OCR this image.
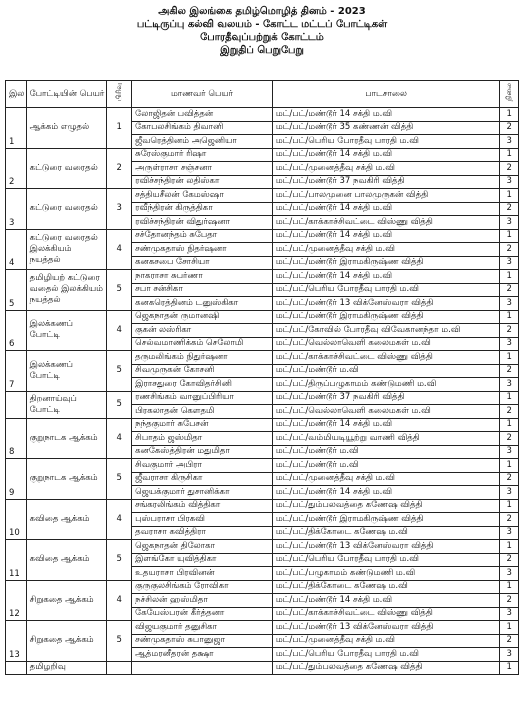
அகில இலங்கை தமிழ்மொழித் தினம் - 2023
பட்டிருப்பு கல்வி வலயம் - கோட்ட மட்டப் போட்டிகள்
போரதீவுப்பற்றுக் கோட்டம்
இறுதிப் பெறுபேறு
இல	போட்டியின் பெயர்	பிரிவு	மாணவர் பெயர்	பாடசாலை	நிலை
1	ஆக்கம் எழுதல்	1	லோஜிதன் பவித்தன்	மட்/பட்/மண்டூர் 14 சக்தி ம.வி	1
			கோபலசிங்கம் திவானி	மட்/பட்/மண்டூர் 35 கண்ணன் வித்தி	2
			ஜீவரெத்தினம் அஜெனியா	மட்/பட்/பெரிய போரதீவு பாரதி ம.வி	3
2	கட்டுரை வரைதல்	2	சுரேஸ்குமார் ரிஷா	மட்/பட்/மண்டூர் 14 சக்தி ம.வி	1
			அருள்ராசா சஞ்சனா	மட்/பட்/முனைத்தீவு சக்தி ம.வி	2
			ரவிச்சந்திரன் லதிஸ்கா	மட்/பட்/மண்டூர் 37 நவகிரி வித்தி	3
3	கட்டுரை வரைதல்	3	சத்தியசீலன் கேமஸ்ஷா	மட்/பட்/பாலமுனை பாலமுருகன் வித்தி	1
			ரவீந்திரன் கிருத்திகா	மட்/பட்/மண்டூர் 14 சக்தி ம.வி	2
			ரவிச்சந்திரன் விதுர்ஷனா	மட்/பட்/காக்காச்சிவட்டை விஸ்ணு வித்தி	3
4	கட்டுரை வரைதல் இலக்கியம் நயத்தல்	4	சச்தோனந்தம் சுபேதா	மட்/பட்/மண்டூர் 14 சக்தி ம.வி	1
			சண்முகதாஸ் நிதர்ஷனா	மட்/பட்/முனைத்தீவு சக்தி ம.வி	2
			கனகசபை சோசியா	மட்/பட்/மண்டூர் இராமகிருஷ்ண வித்தி	3
5	தமிழியற் கட்டுரை வதைல் இலக்கியம் நயத்தல்	5	நாகராசா சுபர்ணா	மட்/பட்/மண்டூர் 14 சக்தி ம.வி	1
			சபா சன்சிகா	மட்/பட்/பெரிய போரதீவு பாரதி ம.வி	2
			கனகரெத்தினம் டனுஸ்கிகா	மட்/பட்/மண்டூர் 13 விக்னேஸ்வரா வித்தி	3
6	இலக்கணப் போட்டி	4	ஜெகநாதன் ருமானஷி	மட்/பட்/மண்டூர் இராமகிருஷ்ண வித்தி	1
			குகன் லஸ்ரிகா	மட்/பட்/கோவில் போரதீவு விவேகானந்தா ம.வி	2
			செல்வமாணிக்கம் செலோமி	மட்/பட்/வெல்லாவெளி கலைமகள் ம.வி	3
7	இலக்கணப் போட்டி	5	தருமலிங்கம் நிதுர்ஷனா	மட்/பட்/காக்காச்சிவட்டை விஸ்ணு வித்தி	1
			சிவமுருகன் கோசனி	மட்/பட்/மண்டூர் ம.வி	2
			இராசதுரை கோவிதர்சினி	மட்/பட்/திருப்பழுகாமம் கண்டுமணி ம.வி	3
	திறனாய்வுப் போட்டி	5	ரணசிங்கம் வானுப்பிரியா	மட்/பட்/மண்டூர் 37 நவகிரி வித்தி	1
			பிரகலாதன் கௌதமி	மட்/பட்/வெல்லாவெளி கலைமகள் ம.வி	2
8	குறுநாடக ஆக்கம்	4	நந்தகுமார் சுபேசன்	மட்/பட்/மண்டூர் 14 சக்தி ம.வி	1
			சிபாதம் ஜஸ்மிதா	மட்/பட்/வம்மியடியூற்று வாணி வித்தி	2
			கனகேஸ்த்திரன் மதுமிதா	மட்/பட்/மண்டூர் ம.வி	3
9	குறுநாடக ஆக்கம்	5	சிவகுமார் அபிரா	மட்/பட்/மண்டூர் ம.வி	1
			ஜீவராசா கிருசிகா	மட்/பட்/முனைத்தீவு சக்தி ம.வி	2
			ஜெயக்குமார் துசானிக்கா	மட்/பட்/மண்டூர் 14 சக்தி ம.வி	3
10	கவிதை ஆக்கம்	4	சங்கரலிங்கம் வித்திகா	மட்/பட்/தும்பலவத்தை கணேஷ வித்தி	1
			புஸ்பராசா பிரகவி	மட்/பட்/மண்டூர் இராமகிருஷ்ண வித்தி	2
			தவராசா கவித்திரா	மட்/பட்/திக்கோடை கணேஷ ம.வி	3
11	கவிதை ஆக்கம்	5	ஜெகநாதன் திலோகா	மட்/பட்/மண்டூர் 13 விக்னேஸ்வரா வித்தி	1
			இளங்கோ யுவித்திகா	மட்/பட்/பெரிய போரதீவு பாரதி ம.வி	2
			உதயராசா பிரவினன்	மட்/பட்/பழுகாமம் கண்டுமணி ம.வி	3
12	சிறுகதை ஆக்கம்	4	குருகுலசிங்கம் ரோவிகா	மட்/பட்/திக்கோடை கணேஷ ம.வி	1
			நச்சிலன் ஹஸ்மிதா	மட்/பட்/மண்டூர் 14 சக்தி ம.வி	2
			கேயேஸ்பரன் கீர்த்தனா	மட்/பட்/காக்காச்சிவட்டை விஸ்ணு வித்தி	3
13	சிறுகதை ஆக்கம்	5	விஜயகுமார் தனுசிகா	மட்/பட்/மண்டூர் 13 விக்னேஸ்வரா வித்தி	1
			சண்முகதாஸ் சுபானுஜா	மட்/பட்/முனைத்தீவு சக்தி ம.வி	2
			ஆத்மரனீதரன் தக்ஷா	மட்/பட்/பெரிய போரதீவு பாரதி ம.வி	3
	தமிழறிவு			மட்/பட்/தும்பலவத்தை கணேஷ வித்தி	1
